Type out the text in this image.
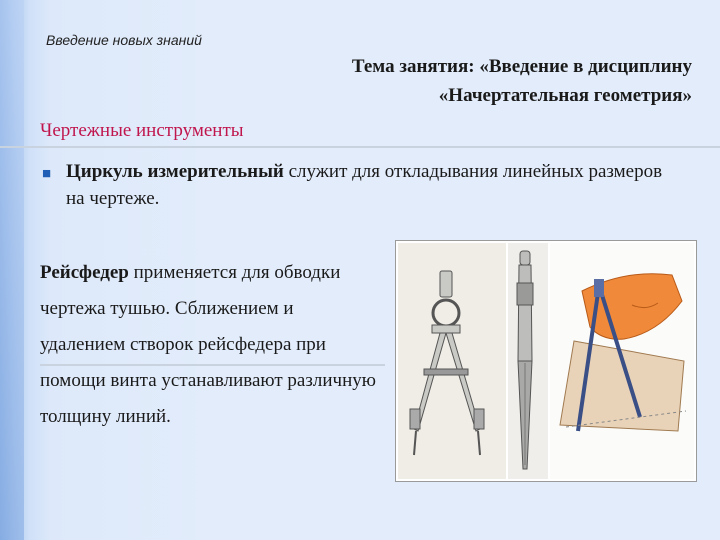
Введение новых знаний
Тема занятия: «Введение в дисциплину
«Начертательная геометрия»
Чертежные инструменты
■ Циркуль измерительный служит для откладывания линейных размеров на чертеже.
Рейсфедер применяется для обводки чертежа тушью. Сближением и удалением створок рейсфедера при помощи винта устанавливают различную толщину линий.
